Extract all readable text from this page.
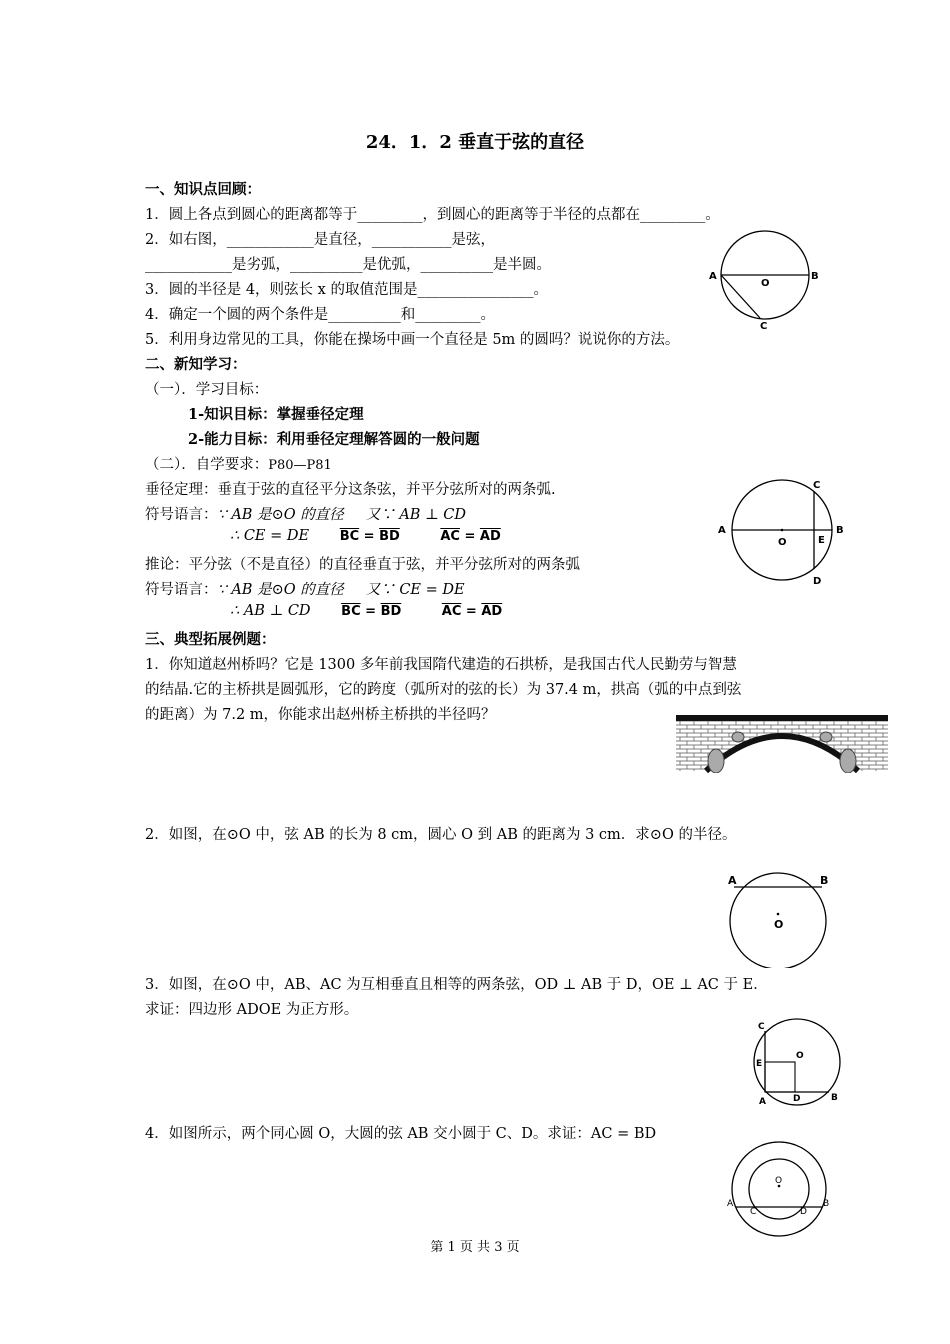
24．1．2 垂直于弦的直径
一、知识点回顾：
1．圆上各点到圆心的距离都等于_________，到圆心的距离等于半径的点都在_________。
2．如右图，____________是直径，___________是弦，
____________是劣弧，__________是优弧，__________是半圆。
3．圆的半径是 4，则弦长 x 的取值范围是________________。
4．确定一个圆的两个条件是__________和_________。
5．利用身边常见的工具，你能在操场中画一个直径是 5m 的圆吗？说说你的方法。
A
O
B
C
二、新知学习：
（一）．学习目标：
1-知识目标：掌握垂径定理
2-能力目标：利用垂径定理解答圆的一般问题
（二）．自学要求：P80—P81
垂径定理：垂直于弦的直径平分这条弦，并平分弦所对的两条弧.
符号语言：∵ AB 是⊙O 的直径 又∵ AB ⊥ CD
∴ CE = DE $\overline{BC} = \overline{BD}$	$\overline{AC} = \overline{AD}$
推论：平分弦（不是直径）的直径垂直于弦，并平分弦所对的两条弧
符号语言：∵ AB 是⊙O 的直径 又∵ CE = DE
∴ AB ⊥ CD $\overline{BC} = \overline{BD}$	$\overline{AC} = \overline{AD}$
A
O	E
B
C
D
三、典型拓展例题：
1．你知道赵州桥吗？它是 1300 多年前我国隋代建造的石拱桥，是我国古代人民勤劳与智慧
的结晶.它的主桥拱是圆弧形，它的跨度（弧所对的弦的长）为 37.4 m，拱高（弧的中点到弦
的距离）为 7.2 m，你能求出赵州桥主桥拱的半径吗？
2．如图，在⊙O 中，弦 AB 的长为 8 cm，圆心 O 到 AB 的距离为 3 cm．求⊙O 的半径。
A	B
O
3．如图，在⊙O 中，AB、AC 为互相垂直且相等的两条弦，OD ⊥ AB 于 D，OE ⊥ AC 于 E．
求证：四边形 ADOE 为正方形。
C
O
E
A	D	B
4．如图所示，两个同心圆 O，大圆的弦 AB 交小圆于 C、D。求证：AC = BD
A
C
O
D
B
第 1 页 共 3 页
